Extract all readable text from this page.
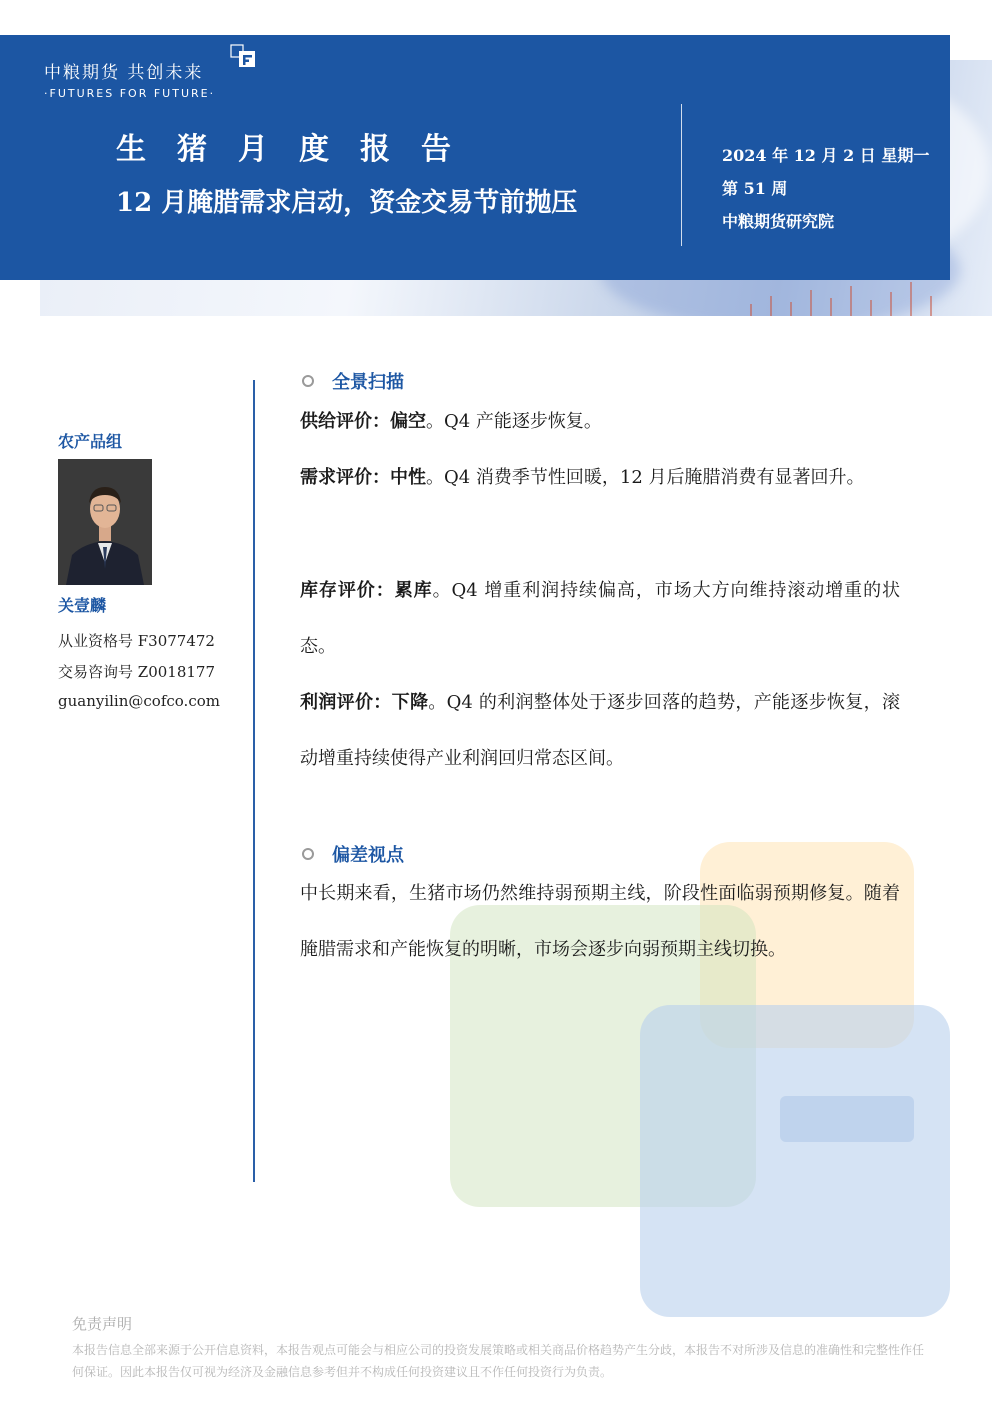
中粮期货 共创未来
·FUTURES FOR FUTURE·
生猪月度报告
12 月腌腊需求启动，资金交易节前抛压
2024 年 12 月 2 日 星期一
第 51 周
中粮期货研究院
农产品组
关壹麟
从业资格号 F3077472
交易咨询号 Z0018177
guanyilin@cofco.com
全景扫描
供给评价：偏空。Q4 产能逐步恢复。
需求评价：中性。Q4 消费季节性回暖，12 月后腌腊消费有显著回升。
库存评价：累库。Q4 增重利润持续偏高，市场大方向维持滚动增重的状态。
利润评价：下降。Q4 的利润整体处于逐步回落的趋势，产能逐步恢复，滚动增重持续使得产业利润回归常态区间。
偏差视点
中长期来看，生猪市场仍然维持弱预期主线，阶段性面临弱预期修复。随着腌腊需求和产能恢复的明晰，市场会逐步向弱预期主线切换。
免责声明
本报告信息全部来源于公开信息资料，本报告观点可能会与相应公司的投资发展策略或相关商品价格趋势产生分歧，本报告不对所涉及信息的准确性和完整性作任何保证。因此本报告仅可视为经济及金融信息参考但并不构成任何投资建议且不作任何投资行为负责。
